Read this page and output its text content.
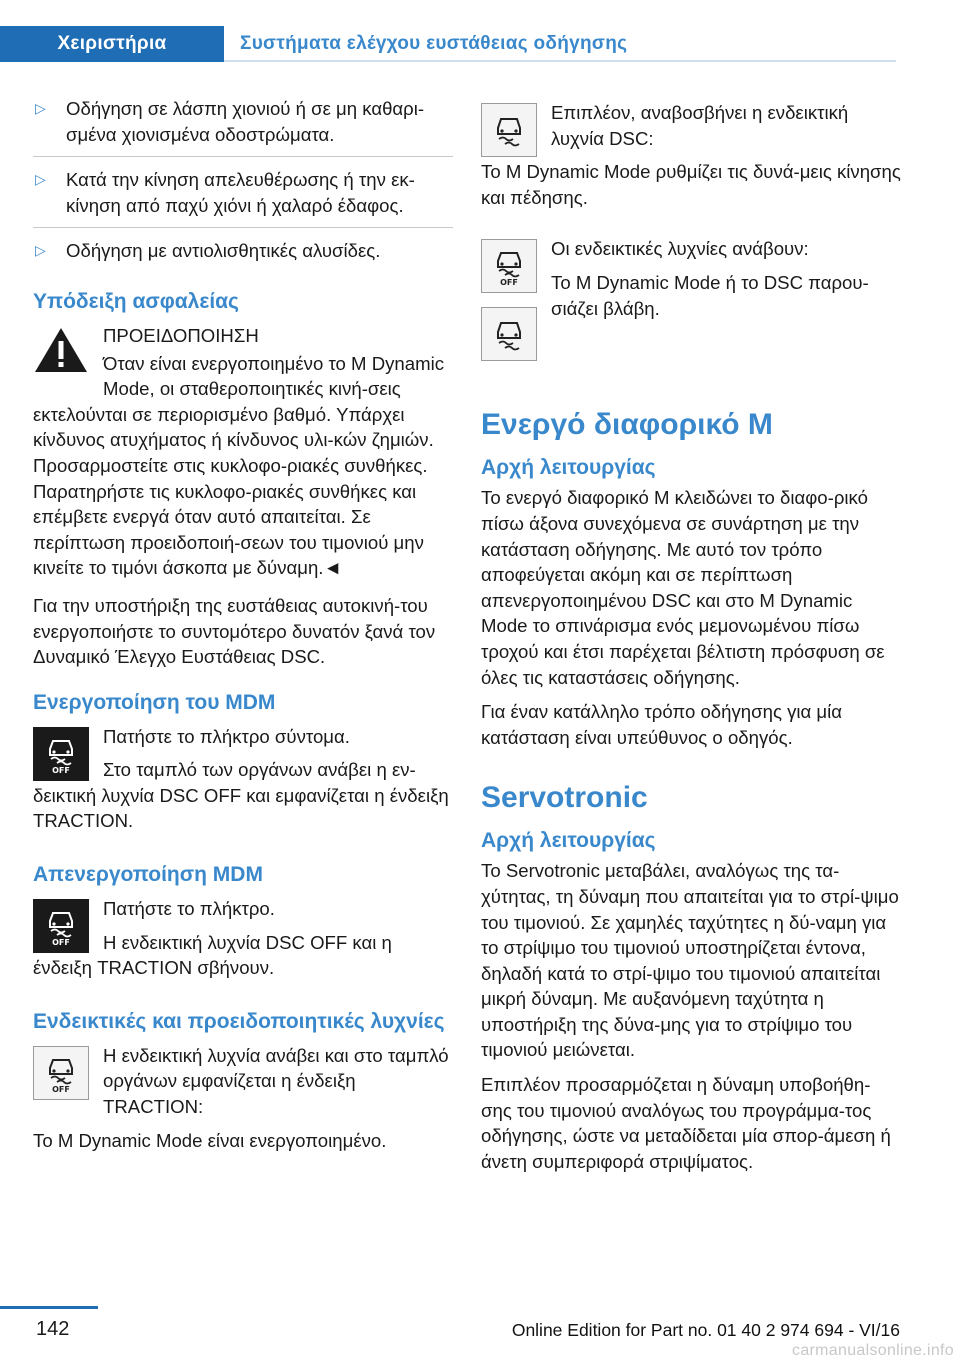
Χειριστήρια	Συστήματα ελέγχου ευστάθειας οδήγησης
▷ Οδήγηση σε λάσπη χιονιού ή σε μη καθαρι-σμένα χιονισμένα οδοστρώματα.
▷ Κατά την κίνηση απελευθέρωσης ή την εκ-κίνηση από παχύ χιόνι ή χαλαρό έδαφος.
▷ Οδήγηση με αντιολισθητικές αλυσίδες.
Υπόδειξη ασφαλείας

ΠΡΟΕΙΔΟΠΟΙΗΣΗ

Όταν είναι ενεργοποιημένο το M Dynamic Mode, οι σταθεροποιητικές κινή-σεις εκτελούνται σε περιορισμένο βαθμό. Υπάρχει κίνδυνος ατυχήματος ή κίνδυνος υλι-κών ζημιών. Προσαρμοστείτε στις κυκλοφο-ριακές συνθήκες. Παρατηρήστε τις κυκλοφο-ριακές συνθήκες και επέμβετε ενεργά όταν αυτό απαιτείται. Σε περίπτωση προειδοποιή-σεων του τιμονιού μην κινείτε το τιμόνι άσκοπα με δύναμη.◄

Για την υποστήριξη της ευστάθειας αυτοκινή-του ενεργοποιήστε το συντομότερο δυνατόν ξανά τον Δυναμικό Έλεγχο Ευστάθειας DSC.

Ενεργοποίηση του MDM
OFF

Πατήστε το πλήκτρο σύντομα.

Στο ταμπλό των οργάνων ανάβει η εν-δεικτική λυχνία DSC OFF και εμφανίζεται η ένδειξη TRACTION.

Απενεργοποίηση MDM
OFF

Πατήστε το πλήκτρο.

Η ενδεικτική λυχνία DSC OFF και η ένδειξη TRACTION σβήνουν.

Ενδεικτικές και προειδοποιητικές λυχνίες
OFF

Η ενδεικτική λυχνία ανάβει και στο ταμπλό οργάνων εμφανίζεται η ένδειξη TRACTION:

Το M Dynamic Mode είναι ενεργοποιημένο.

Επιπλέον, αναβοσβήνει η ενδεικτική λυχνία DSC:

Το M Dynamic Mode ρυθμίζει τις δυνά-μεις κίνησης και πέδησης.

OFF

Οι ενδεικτικές λυχνίες ανάβουν:

Το M Dynamic Mode ή το DSC παρου-σιάζει βλάβη.

Ενεργό διαφορικό M
Αρχή λειτουργίας

Το ενεργό διαφορικό M κλειδώνει το διαφο-ρικό πίσω άξονα συνεχόμενα σε συνάρτηση με την κατάσταση οδήγησης. Με αυτό τον τρόπο αποφεύγεται ακόμη και σε περίπτωση απενεργοποιημένου DSC και στο M Dynamic Mode το σπινάρισμα ενός μεμονωμένου πίσω τροχού και έτσι παρέχεται βέλτιστη πρόσφυση σε όλες τις καταστάσεις οδήγησης.

Για έναν κατάλληλο τρόπο οδήγησης για μία κατάσταση είναι υπεύθυνος ο οδηγός.

Servotronic
Αρχή λειτουργίας

Το Servotronic μεταβάλει, αναλόγως της τα-χύτητας, τη δύναμη που απαιτείται για το στρί-ψιμο του τιμονιού. Σε χαμηλές ταχύτητες η δύ-ναμη για το στρίψιμο του τιμονιού υποστηρίζεται έντονα, δηλαδή κατά το στρί-ψιμο του τιμονιού απαιτείται μικρή δύναμη. Με αυξανόμενη ταχύτητα η υποστήριξη της δύνα-μης για το στρίψιμο του τιμονιού μειώνεται.

Επιπλέον προσαρμόζεται η δύναμη υποβοήθη-σης του τιμονιού αναλόγως του προγράμμα-τος οδήγησης, ώστε να μεταδίδεται μία σπορ-άμεση ή άνετη συμπεριφορά στριψίματος.

142	Online Edition for Part no. 01 40 2 974 694 - VI/16
carmanualsonline.info
